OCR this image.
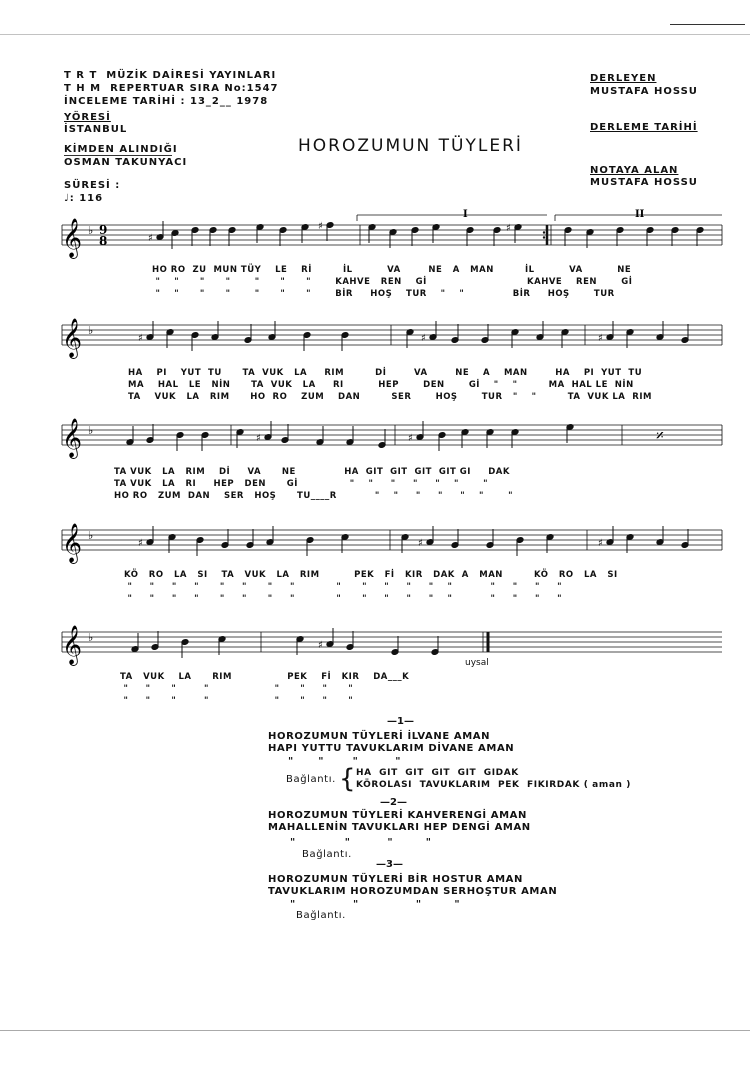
T R T  MÜZİK DAİRESİ YAYINLARI
T H M  REPERTUAR SIRA No:1547
İNCELEME TARİHİ : 13_2__ 1978
YÖRESİ
İSTANBUL
KİMDEN ALINDIĞI
OSMAN TAKUNYACI
SÜRESİ :
♩: 116
DERLEYEN
MUSTAFA HOSSU
DERLEME TARİHİ
NOTAYA ALAN
MUSTAFA HOSSU
HOROZUMUN TÜYLERİ
I	II
𝄞 ♭ 9
8	♯
♯	♯
HO RO  ZU  MUN TÜY    LE    Rİ         İL          VA        NE   A   MAN         İL          VA          NE
"    "      "      "       "      "      "       KAHVE   REN    Gİ                             KAHVE    REN       Gİ
"    "      "      "       "      "      "       BİR     HOŞ    TUR    "    "              BİR     HOŞ       TUR
𝄞 ♭
♯	♯	♯
HA    PI    YUT  TU      TA  VUK   LA     RIM         Dİ        VA        NE    A    MAN        HA    PI  YUT  TU
MA    HAL   LE   NİN      TA  VUK   LA     RI          HEP       DEN       Gİ    "    "         MA  HAL LE  NİN
TA    VUK   LA   RIM      HO  RO    ZUM    DAN         SER       HOŞ       TUR   "    "         TA  VUK LA  RIM
𝄞 ♭	𝄎
♯	♯
TA VUK   LA   RIM    Dİ     VA      NE              HA  GIT  GIT  GIT  GIT GI     DAK
TA VUK   LA   RI     HEP   DEN      Gİ               "    "     "     "     "    "       "
HO RO   ZUM  DAN    SER   HOŞ      TU____R           "    "     "     "     "    "       "
𝄞 ♭
♯	♯	♯
KÖ   RO   LA   SI    TA   VUK   LA   RIM          PEK   Fİ   KIR   DAK  A   MAN         KÖ   RO   LA   SI
"     "     "     "      "     "      "     "            "      "     "     "     "    "           "     "     "     "
"     "     "     "      "     "      "     "            "      "     "     "     "    "           "     "     "     "
𝄞 ♭
♯
uysal
TA   VUK    LA      RIM                PEK    Fİ   KIR    DA___K
"     "      "        "                   "      "     "      "
"     "      "        "                   "      "     "      "
—1—
HOROZUMUN TÜYLERİ İLVANE AMAN
HAPI YUTTU TAVUKLARIM DİVANE AMAN
"      "       "         "
Bağlantı. { HA  GIT  GIT  GIT  GIT  GIDAK
KÖROLASI  TAVUKLARIM  PEK  FIKIRDAK ( aman )
—2—
HOROZUMUN TÜYLERİ KAHVERENGİ AMAN
MAHALLENİN TAVUKLARI HEP DENGİ AMAN
"            "         "        "
Bağlantı.
—3—
HOROZUMUN TÜYLERİ BİR HOSTUR AMAN
TAVUKLARIM HOROZUMDAN SERHOŞTUR AMAN
"              "              "        "
Bağlantı.
